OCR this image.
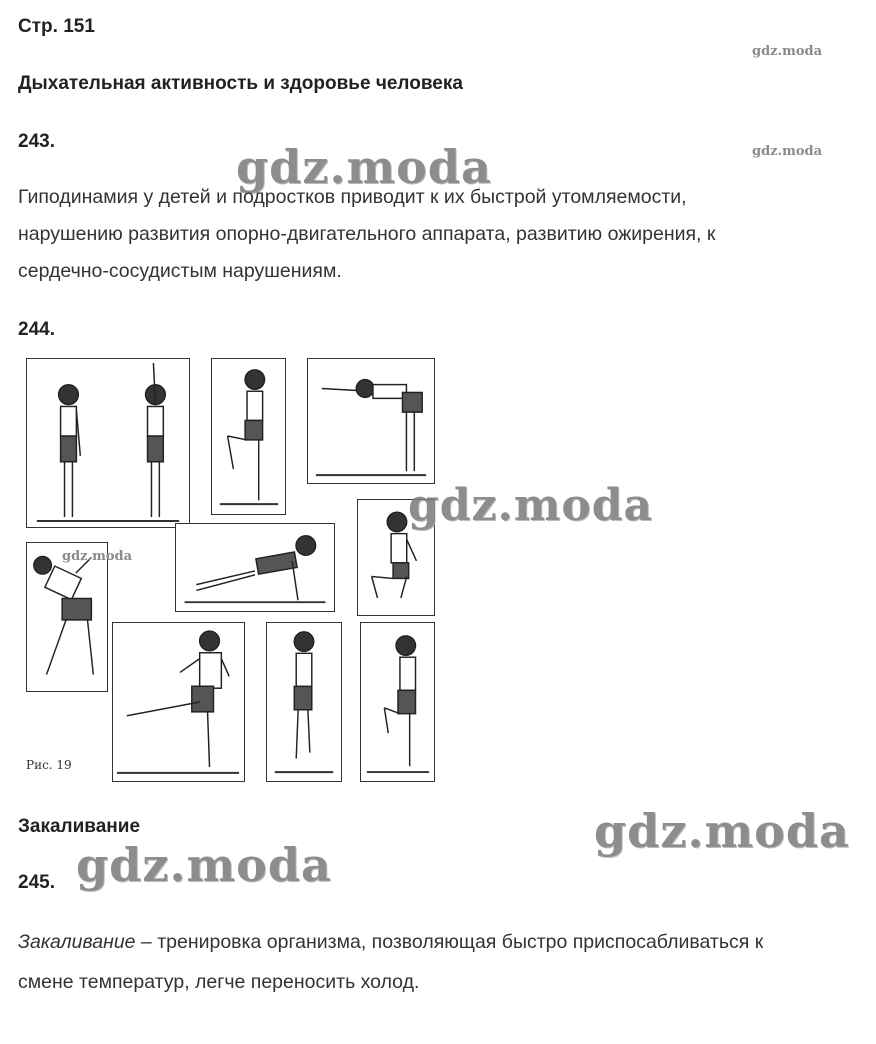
Стр. 151
gdz.moda
Дыхательная активность и здоровье человека
243.	gdz.moda	gdz.moda
Гиподинамия у детей и подростков приводит к их быстрой утомляемости,
нарушению развития опорно-двигательного аппарата, развитию ожирения, к
сердечно-сосудистым нарушениям.
244.
gdz.moda
Рис. 19
gdz.moda
Закаливание	gdz.moda
gdz.moda
245.
Закаливание – тренировка организма, позволяющая быстро приспосабливаться к
смене температур, легче переносить холод.
